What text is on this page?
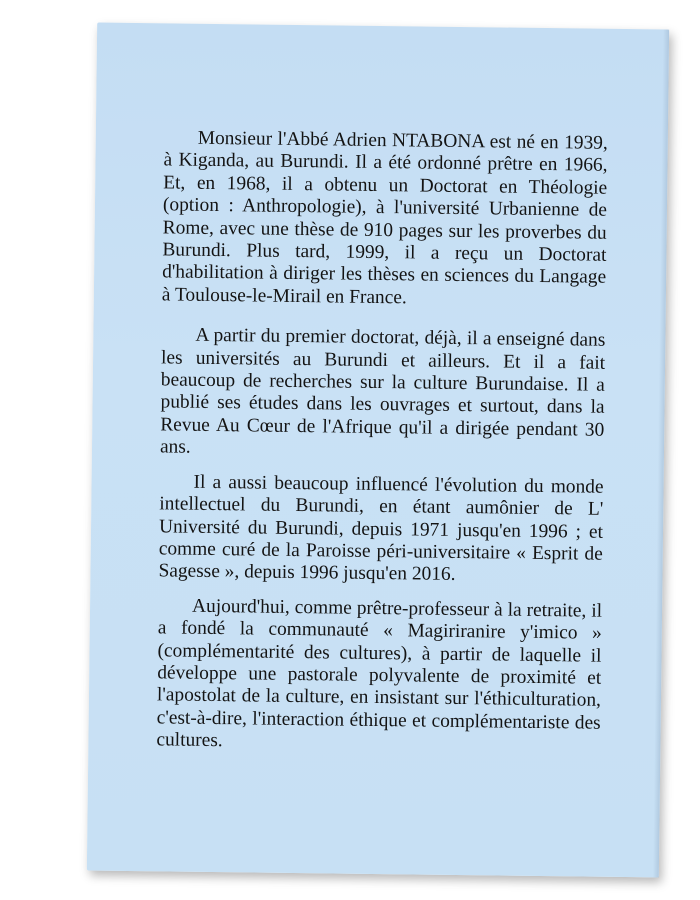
Monsieur l'Abbé Adrien NTABONA est né en 1939, à Kiganda, au Burundi. Il a été ordonné prêtre en 1966, Et, en 1968, il a obtenu un Doctorat en Théologie (option : Anthropologie), à l'université Urbanienne de Rome, avec une thèse de 910 pages sur les proverbes du Burundi. Plus tard, 1999, il a reçu un Doctorat d'habilitation à diriger les thèses en sciences du Langage à Toulouse-le-Mirail en France.

A partir du premier doctorat, déjà, il a enseigné dans les universités au Burundi et ailleurs. Et il a fait beaucoup de recherches sur la culture Burundaise. Il a publié ses études dans les ouvrages et surtout, dans la Revue Au Cœur de l'Afrique qu'il a dirigée pendant 30 ans.

Il a aussi beaucoup influencé l'évolution du monde intellectuel du Burundi, en étant aumônier de L' Université du Burundi, depuis 1971 jusqu'en 1996 ; et comme curé de la Paroisse péri-universitaire « Esprit de Sagesse », depuis 1996 jusqu'en 2016.

Aujourd'hui, comme prêtre-professeur à la retraite, il a fondé la communauté « Magiriranire y'imico » (complémentarité des cultures), à partir de laquelle il développe une pastorale polyvalente de proximité et l'apostolat de la culture, en insistant sur l'éthiculturation, c'est-à-dire, l'interaction éthique et complémentariste des cultures.
